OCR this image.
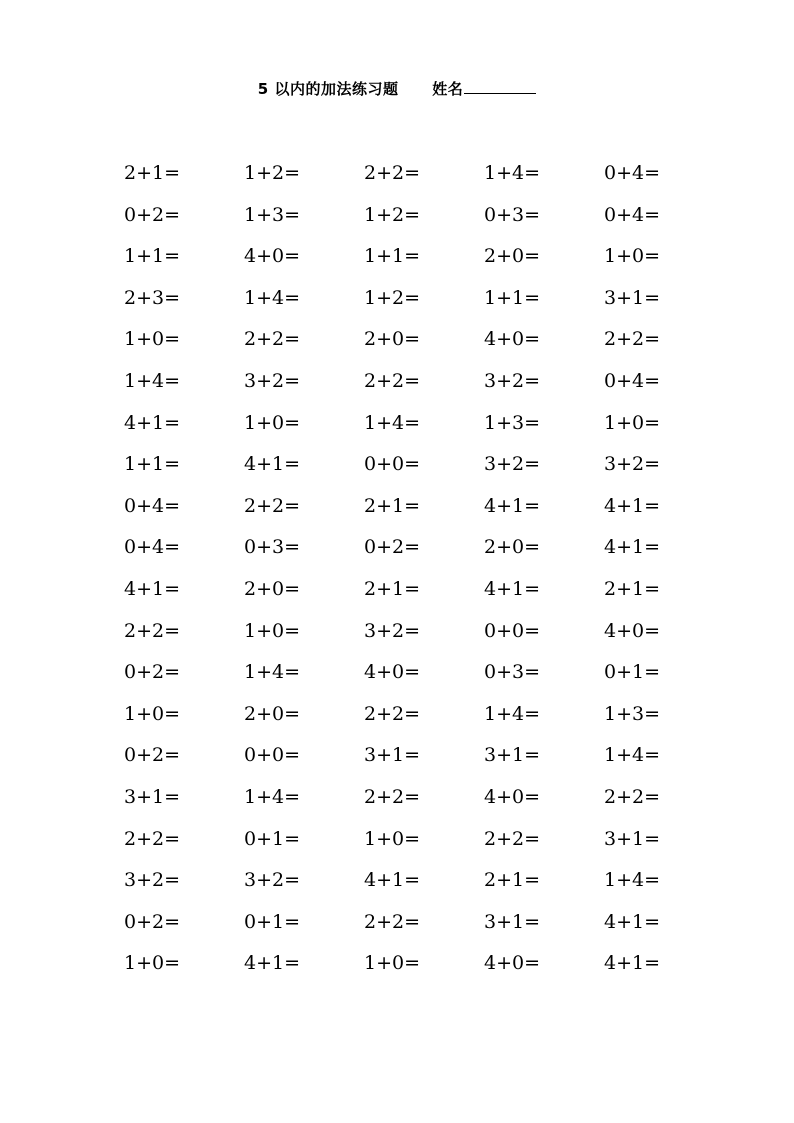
5 以内的加法练习题 姓名
2+1=	1+2=	2+2=	1+4=	0+4=
0+2=	1+3=	1+2=	0+3=	0+4=
1+1=	4+0=	1+1=	2+0=	1+0=
2+3=	1+4=	1+2=	1+1=	3+1=
1+0=	2+2=	2+0=	4+0=	2+2=
1+4=	3+2=	2+2=	3+2=	0+4=
4+1=	1+0=	1+4=	1+3=	1+0=
1+1=	4+1=	0+0=	3+2=	3+2=
0+4=	2+2=	2+1=	4+1=	4+1=
0+4=	0+3=	0+2=	2+0=	4+1=
4+1=	2+0=	2+1=	4+1=	2+1=
2+2=	1+0=	3+2=	0+0=	4+0=
0+2=	1+4=	4+0=	0+3=	0+1=
1+0=	2+0=	2+2=	1+4=	1+3=
0+2=	0+0=	3+1=	3+1=	1+4=
3+1=	1+4=	2+2=	4+0=	2+2=
2+2=	0+1=	1+0=	2+2=	3+1=
3+2=	3+2=	4+1=	2+1=	1+4=
0+2=	0+1=	2+2=	3+1=	4+1=
1+0=	4+1=	1+0=	4+0=	4+1=
